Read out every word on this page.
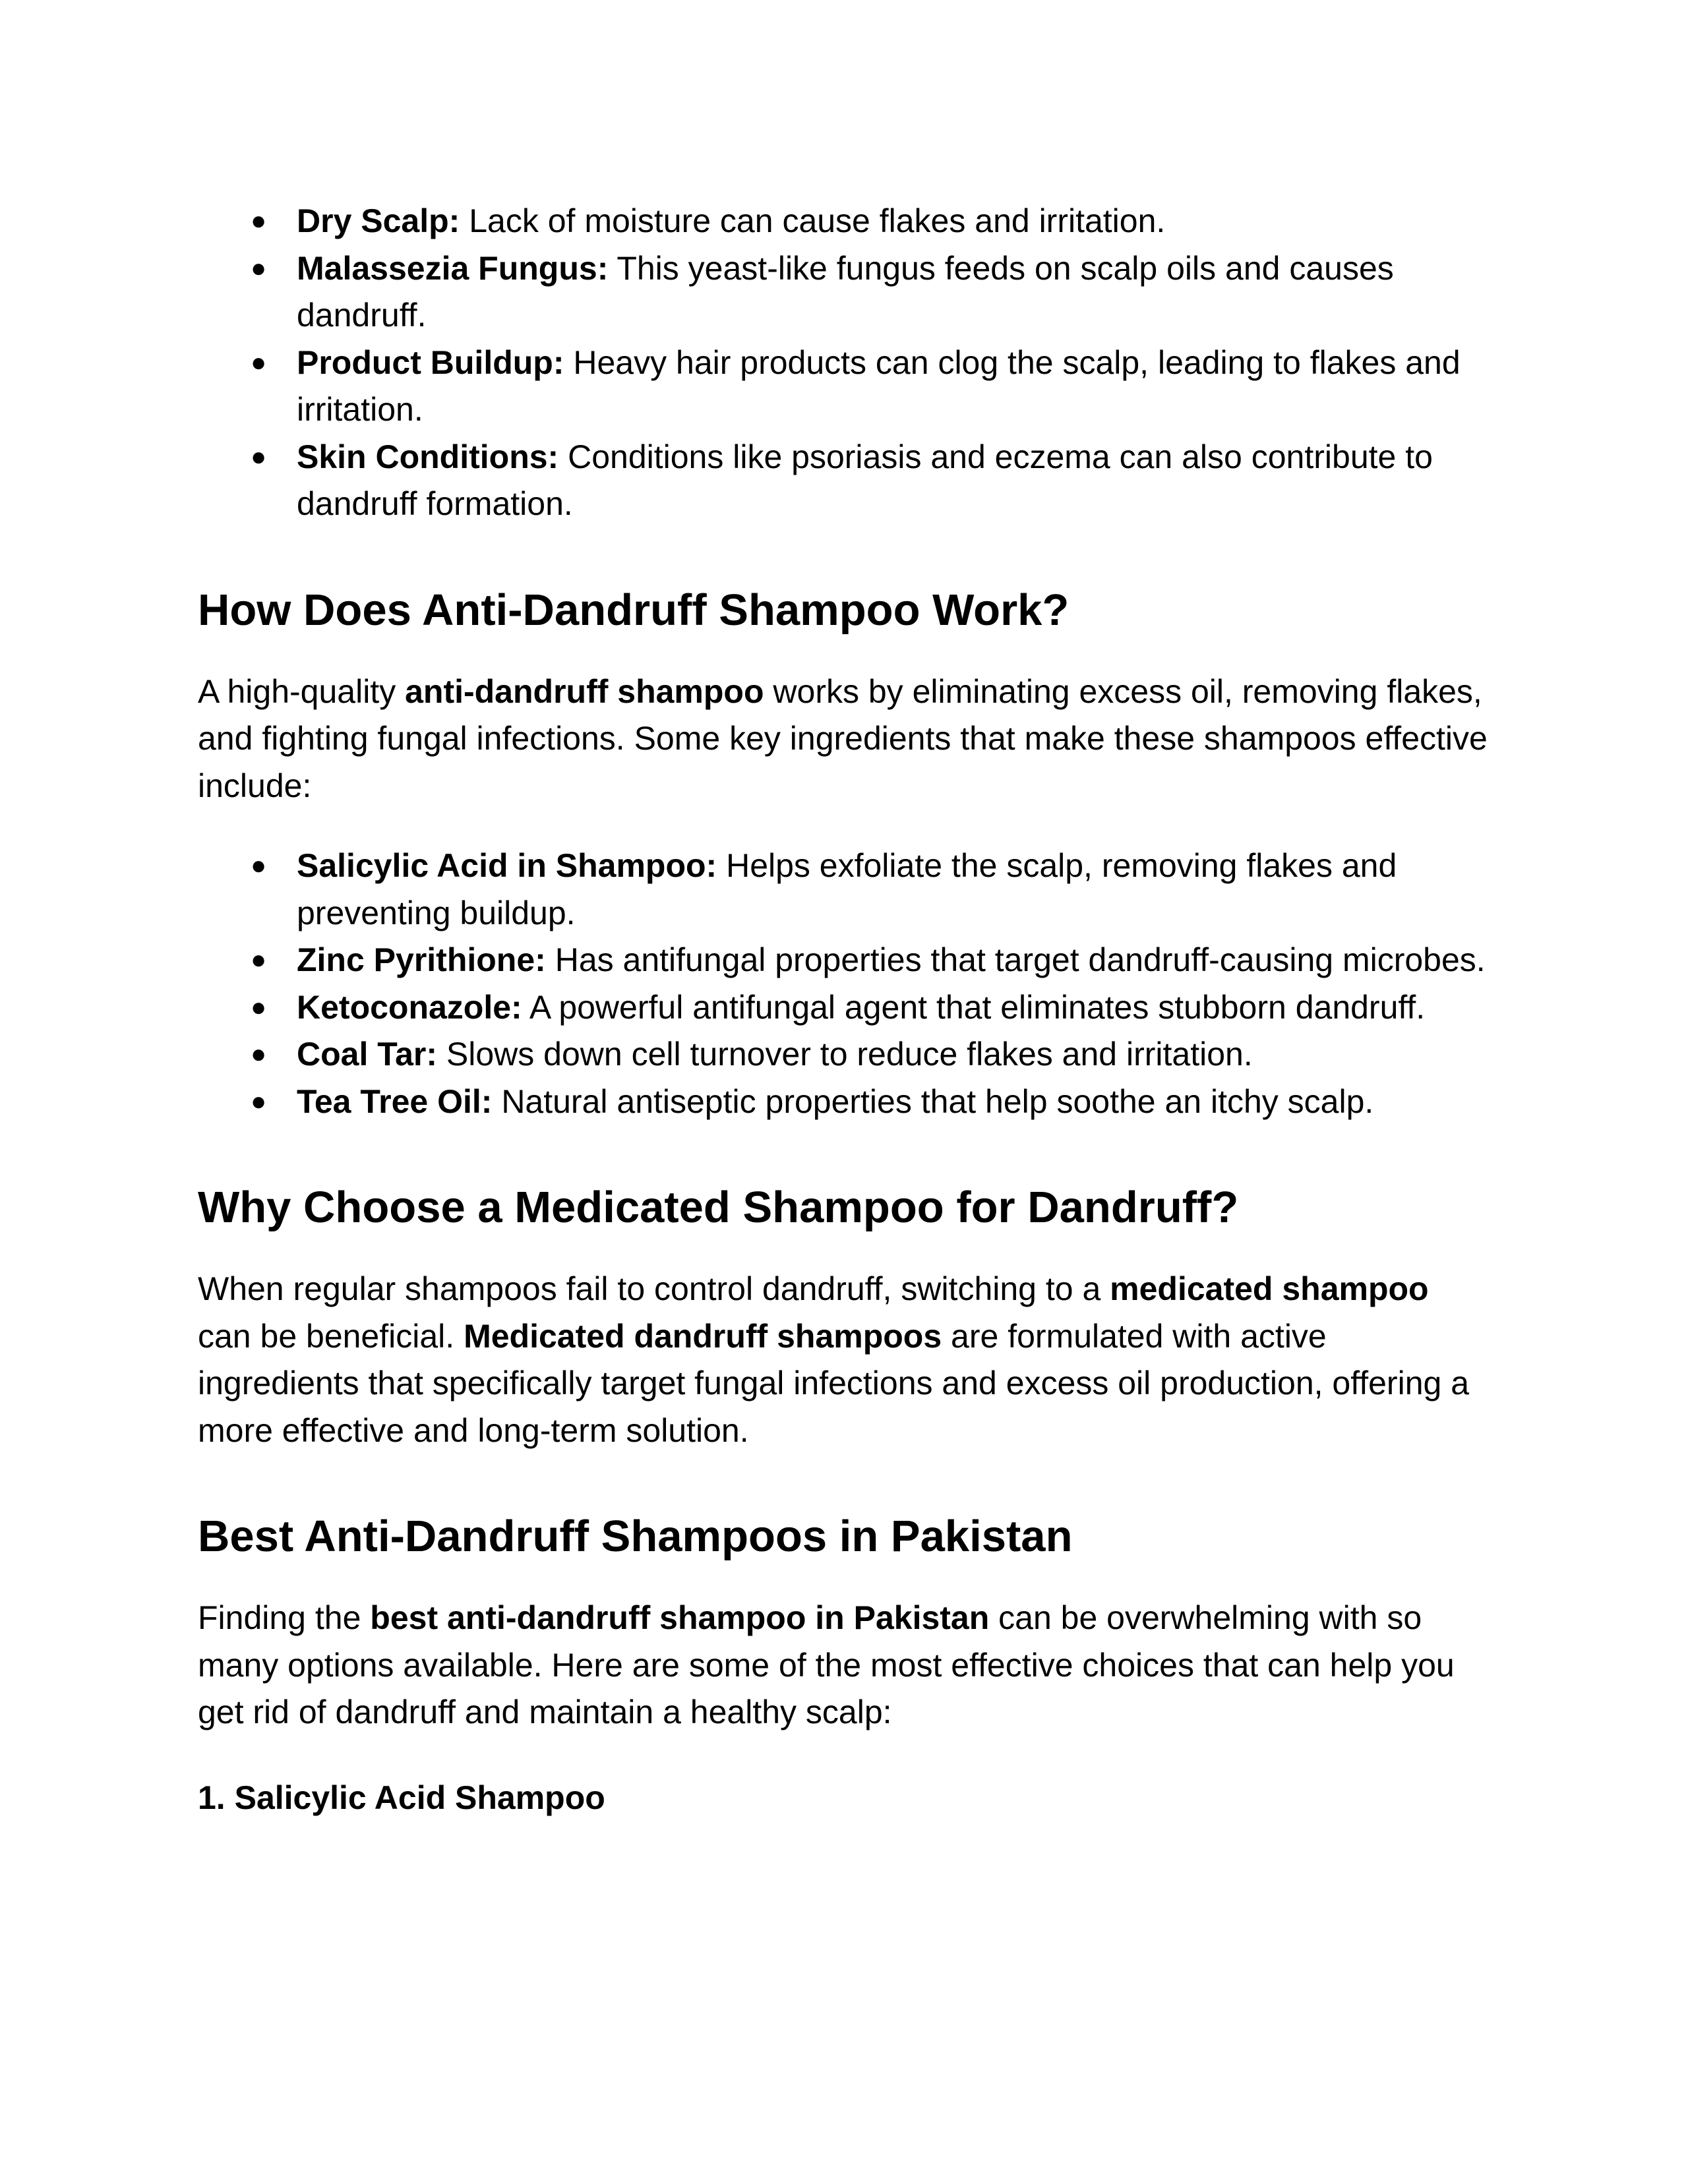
● Dry Scalp: Lack of moisture can cause flakes and irritation.
● Malassezia Fungus: This yeast-like fungus feeds on scalp oils and causes dandruff.
● Product Buildup: Heavy hair products can clog the scalp, leading to flakes and irritation.
● Skin Conditions: Conditions like psoriasis and eczema can also contribute to dandruff formation.
How Does Anti-Dandruff Shampoo Work?

A high-quality anti-dandruff shampoo works by eliminating excess oil, removing flakes, and fighting fungal infections. Some key ingredients that make these shampoos effective include:

● Salicylic Acid in Shampoo: Helps exfoliate the scalp, removing flakes and preventing buildup.
● Zinc Pyrithione: Has antifungal properties that target dandruff-causing microbes.
● Ketoconazole: A powerful antifungal agent that eliminates stubborn dandruff.
● Coal Tar: Slows down cell turnover to reduce flakes and irritation.
● Tea Tree Oil: Natural antiseptic properties that help soothe an itchy scalp.
Why Choose a Medicated Shampoo for Dandruff?

When regular shampoos fail to control dandruff, switching to a medicated shampoo can be beneficial. Medicated dandruff shampoos are formulated with active ingredients that specifically target fungal infections and excess oil production, offering a more effective and long-term solution.

Best Anti-Dandruff Shampoos in Pakistan

Finding the best anti-dandruff shampoo in Pakistan can be overwhelming with so many options available. Here are some of the most effective choices that can help you get rid of dandruff and maintain a healthy scalp:

1. Salicylic Acid Shampoo
